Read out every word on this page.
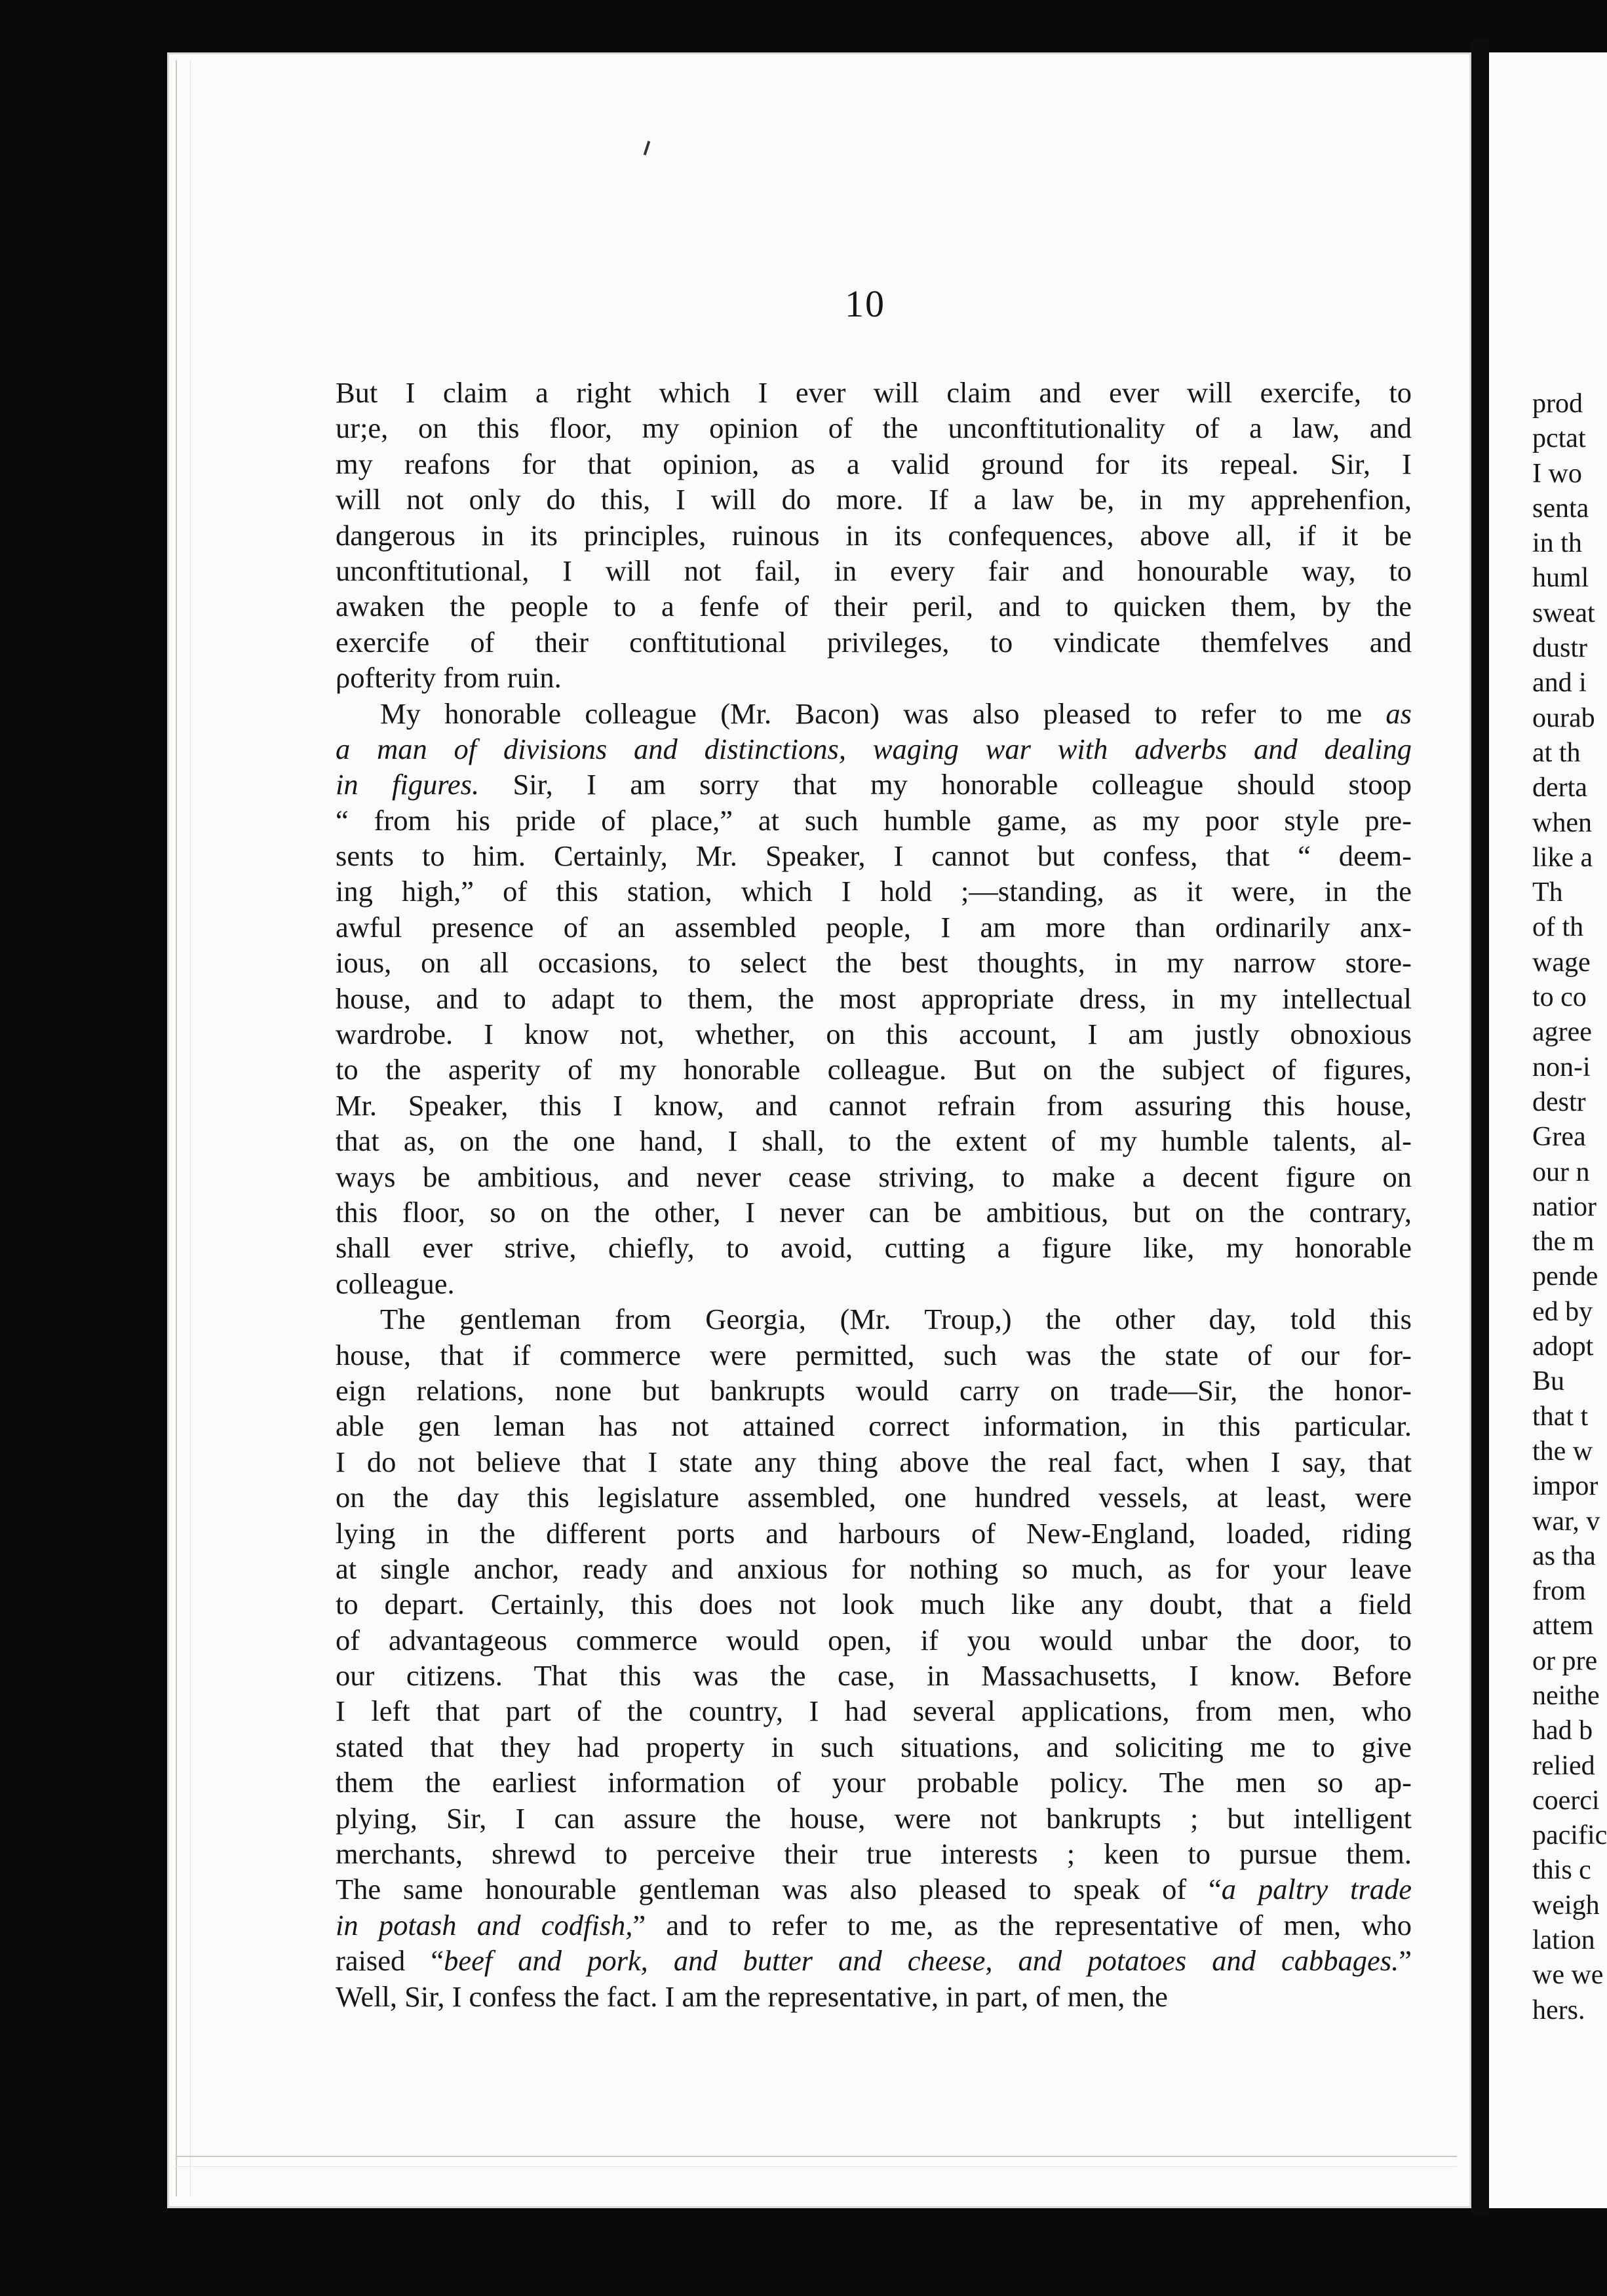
prod
pctat
I wo
senta
in th
huml
sweat
dustr
and i
ourab
at th
derta
when
like a
Th
of th
wage
to co
agree
non-i
destr
Grea
our n
natior
the m
pende
ed by
adopt
Bu
that t
the w
impor
war, v
as tha
from
attem
or pre
neithe
had b
relied
coerci
pacific
this c
weigh
lation
we we
hers.
10
But I claim a right which I ever will claim and ever will exercife, to
ur;e, on this floor, my opinion of the unconftitutionality of a law, and
my reafons for that opinion, as a valid ground for its repeal. Sir, I
will not only do this, I will do more. If a law be, in my apprehenfion,
dangerous in its principles, ruinous in its confequences, above all, if it be
unconftitutional, I will not fail, in every fair and honourable way, to
awaken the people to a fenfe of their peril, and to quicken them, by the
exercife of their conftitutional privileges, to vindicate themfelves and
ρofterity from ruin.
My honorable colleague (Mr. Bacon) was also pleased to refer to me as
a man of divisions and distinctions, waging war with adverbs and dealing
in figures. Sir, I am sorry that my honorable colleague should stoop
“ from his pride of place,” at such humble game, as my poor style pre-
sents to him. Certainly, Mr. Speaker, I cannot but confess, that “ deem-
ing high,” of this station, which I hold ;—standing, as it were, in the
awful presence of an assembled people, I am more than ordinarily anx-
ious, on all occasions, to select the best thoughts, in my narrow store-
house, and to adapt to them, the most appropriate dress, in my intellectual
wardrobe. I know not, whether, on this account, I am justly obnoxious
to the asperity of my honorable colleague. But on the subject of figures,
Mr. Speaker, this I know, and cannot refrain from assuring this house,
that as, on the one hand, I shall, to the extent of my humble talents, al-
ways be ambitious, and never cease striving, to make a decent figure on
this floor, so on the other, I never can be ambitious, but on the contrary,
shall ever strive, chiefly, to avoid, cutting a figure like, my honorable
colleague.
The gentleman from Georgia, (Mr. Troup,) the other day, told this
house, that if commerce were permitted, such was the state of our for-
eign relations, none but bankrupts would carry on trade—Sir, the honor-
able gen leman has not attained correct information, in this particular.
I do not believe that I state any thing above the real fact, when I say, that
on the day this legislature assembled, one hundred vessels, at least, were
lying in the different ports and harbours of New-England, loaded, riding
at single anchor, ready and anxious for nothing so much, as for your leave
to depart. Certainly, this does not look much like any doubt, that a field
of advantageous commerce would open, if you would unbar the door, to
our citizens. That this was the case, in Massachusetts, I know. Before
I left that part of the country, I had several applications, from men, who
stated that they had property in such situations, and soliciting me to give
them the earliest information of your probable policy. The men so ap-
plying, Sir, I can assure the house, were not bankrupts ; but intelligent
merchants, shrewd to perceive their true interests ; keen to pursue them.
The same honourable gentleman was also pleased to speak of “a paltry trade
in potash and codfish,” and to refer to me, as the representative of men, who
raised “beef and pork, and butter and cheese, and potatoes and cabbages.”
Well, Sir, I confess the fact. I am the representative, in part, of men, the
